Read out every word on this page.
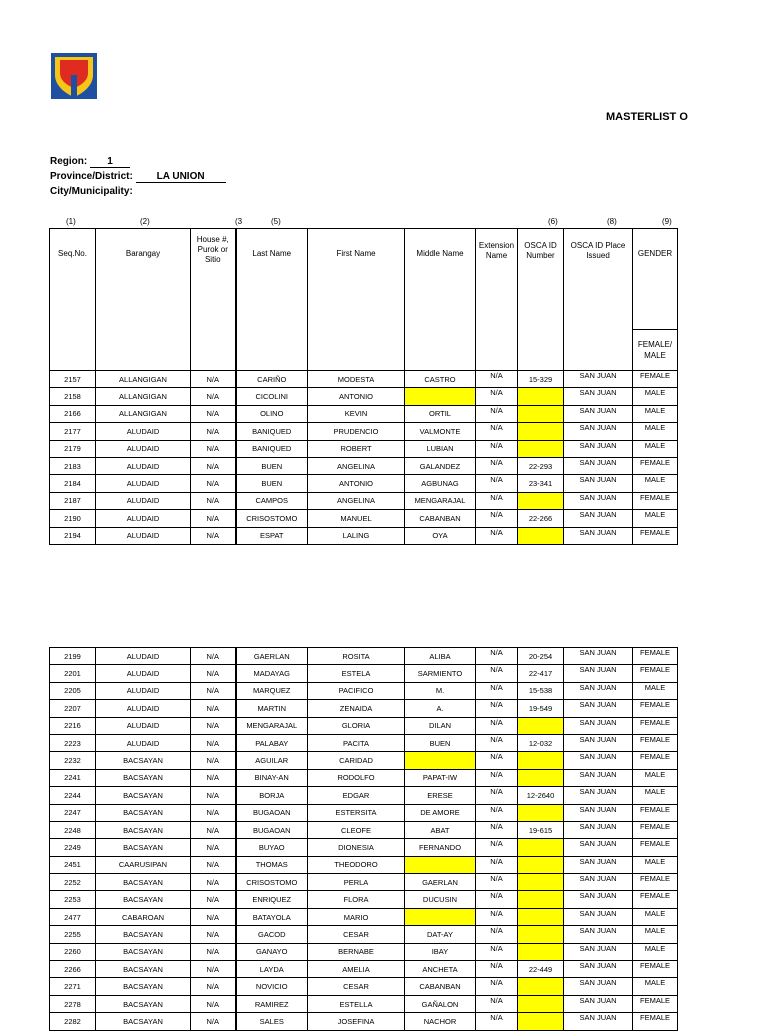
MASTERLIST O
Region: 1
Province/District: LA UNION
City/Municipality:
(1)	(2)	(3	(5)	(6)	(8)	(9)
Seq.No.	Barangay	House #, Purok or Sitio	Last Name	First Name	Middle Name	Extension Name	OSCA ID Number	OSCA ID Place Issued	GENDER
									FEMALE/ MALE
2157	ALLANGIGAN	N/A	CARIÑO	MODESTA	CASTRO	N/A	15-329	SAN JUAN	FEMALE
2158	ALLANGIGAN	N/A	CICOLINI	ANTONIO		N/A		SAN JUAN	MALE
2166	ALLANGIGAN	N/A	OLINO	KEVIN	ORTIL	N/A		SAN JUAN	MALE
2177	ALUDAID	N/A	BANIQUED	PRUDENCIO	VALMONTE	N/A		SAN JUAN	MALE
2179	ALUDAID	N/A	BANIQUED	ROBERT	LUBIAN	N/A		SAN JUAN	MALE
2183	ALUDAID	N/A	BUEN	ANGELINA	GALANDEZ	N/A	22-293	SAN JUAN	FEMALE
2184	ALUDAID	N/A	BUEN	ANTONIO	AGBUNAG	N/A	23-341	SAN JUAN	MALE
2187	ALUDAID	N/A	CAMPOS	ANGELINA	MENGARAJAL	N/A		SAN JUAN	FEMALE
2190	ALUDAID	N/A	CRISOSTOMO	MANUEL	CABANBAN	N/A	22-266	SAN JUAN	MALE
2194	ALUDAID	N/A	ESPAT	LALING	OYA	N/A		SAN JUAN	FEMALE
2199	ALUDAID	N/A	GAERLAN	ROSITA	ALIBA	N/A	20-254	SAN JUAN	FEMALE
2201	ALUDAID	N/A	MADAYAG	ESTELA	SARMIENTO	N/A	22-417	SAN JUAN	FEMALE
2205	ALUDAID	N/A	MARQUEZ	PACIFICO	M.	N/A	15-538	SAN JUAN	MALE
2207	ALUDAID	N/A	MARTIN	ZENAIDA	A.	N/A	19-549	SAN JUAN	FEMALE
2216	ALUDAID	N/A	MENGARAJAL	GLORIA	DILAN	N/A		SAN JUAN	FEMALE
2223	ALUDAID	N/A	PALABAY	PACITA	BUEN	N/A	12-032	SAN JUAN	FEMALE
2232	BACSAYAN	N/A	AGUILAR	CARIDAD		N/A		SAN JUAN	FEMALE
2241	BACSAYAN	N/A	BINAY-AN	RODOLFO	PAPAT-IW	N/A		SAN JUAN	MALE
2244	BACSAYAN	N/A	BORJA	EDGAR	ERESE	N/A	12-2640	SAN JUAN	MALE
2247	BACSAYAN	N/A	BUGAOAN	ESTERSITA	DE AMORE	N/A		SAN JUAN	FEMALE
2248	BACSAYAN	N/A	BUGAOAN	CLEOFE	ABAT	N/A	19-615	SAN JUAN	FEMALE
2249	BACSAYAN	N/A	BUYAO	DIONESIA	FERNANDO	N/A		SAN JUAN	FEMALE
2451	CAARUSIPAN	N/A	THOMAS	THEODORO		N/A		SAN JUAN	MALE
2252	BACSAYAN	N/A	CRISOSTOMO	PERLA	GAERLAN	N/A		SAN JUAN	FEMALE
2253	BACSAYAN	N/A	ENRIQUEZ	FLORA	DUCUSIN	N/A		SAN JUAN	FEMALE
2477	CABAROAN	N/A	BATAYOLA	MARIO		N/A		SAN JUAN	MALE
2255	BACSAYAN	N/A	GACOD	CESAR	DAT-AY	N/A		SAN JUAN	MALE
2260	BACSAYAN	N/A	GANAYO	BERNABE	IBAY	N/A		SAN JUAN	MALE
2266	BACSAYAN	N/A	LAYDA	AMELIA	ANCHETA	N/A	22-449	SAN JUAN	FEMALE
2271	BACSAYAN	N/A	NOVICIO	CESAR	CABANBAN	N/A		SAN JUAN	MALE
2278	BACSAYAN	N/A	RAMIREZ	ESTELLA	GAÑALON	N/A		SAN JUAN	FEMALE
2282	BACSAYAN	N/A	SALES	JOSEFINA	NACHOR	N/A		SAN JUAN	FEMALE
